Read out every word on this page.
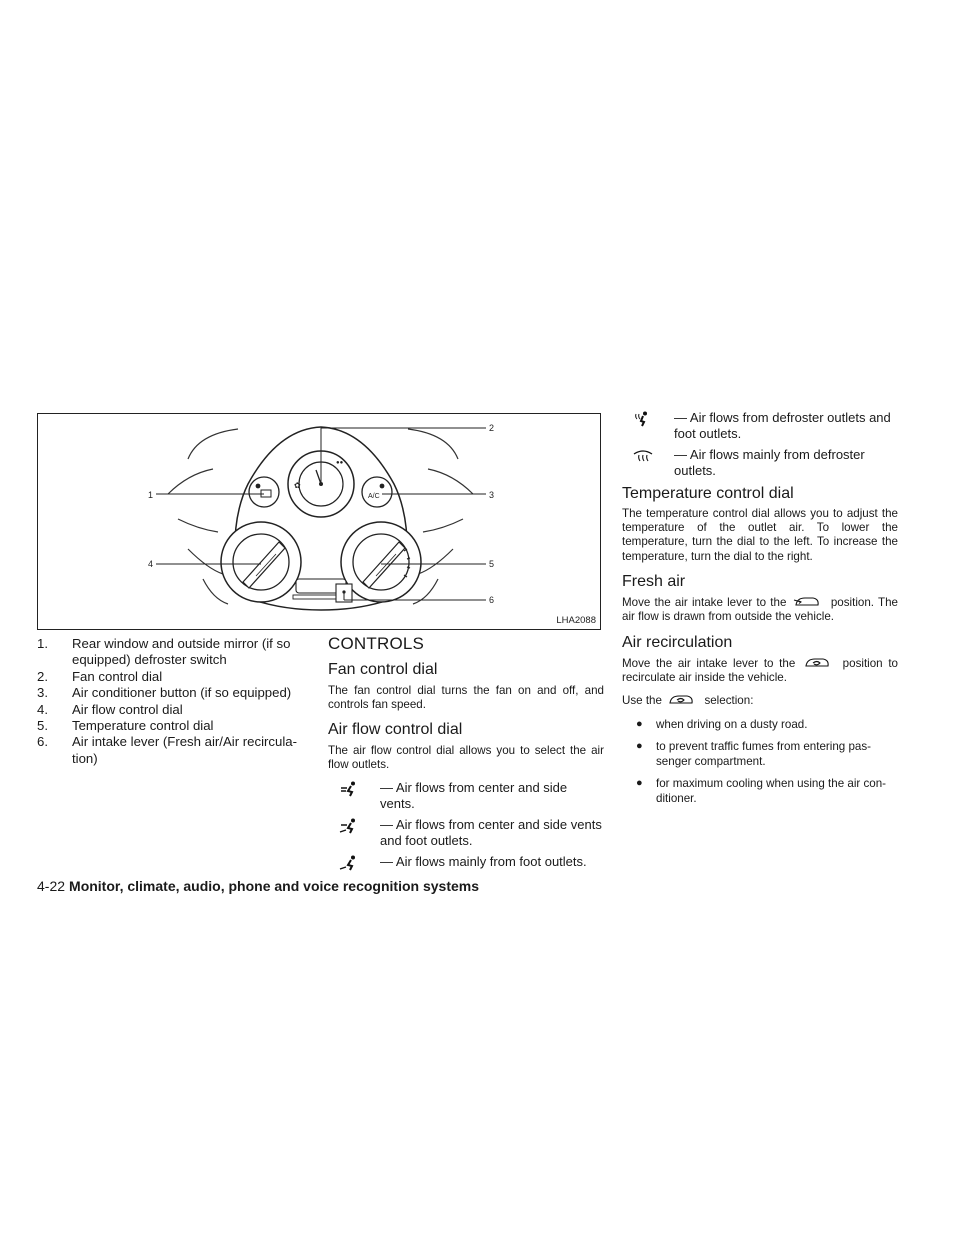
A/C
✿
●●
1
2
3
4	5
6
LHA2088
1. Rear window and outside mirror (if so equipped) defroster switch
2. Fan control dial
3. Air conditioner button (if so equipped)
4. Air flow control dial
5. Temperature control dial
6. Air intake lever (Fresh air/Air recircula-tion)
CONTROLS
Fan control dial

The fan control dial turns the fan on and off, and controls fan speed.

Air flow control dial

The air flow control dial allows you to select the air flow outlets.

— Air flows from center and side vents.
— Air flows from center and side vents and foot outlets.
— Air flows mainly from foot outlets.
— Air flows from defroster outlets and foot outlets.
— Air flows mainly from defroster outlets.
Temperature control dial

The temperature control dial allows you to adjust the temperature of the outlet air. To lower the temperature, turn the dial to the left. To increase the temperature, turn the dial to the right.

Fresh air

Move the air intake lever to the	position. The air flow is drawn from outside the vehicle.

Air recirculation

Move the air intake lever to the	position to recirculate air inside the vehicle.

Use the	selection:

● when driving on a dusty road.
● to prevent traffic fumes from entering pas-senger compartment.
● for maximum cooling when using the air con-ditioner.
4-22 Monitor, climate, audio, phone and voice recognition systems
